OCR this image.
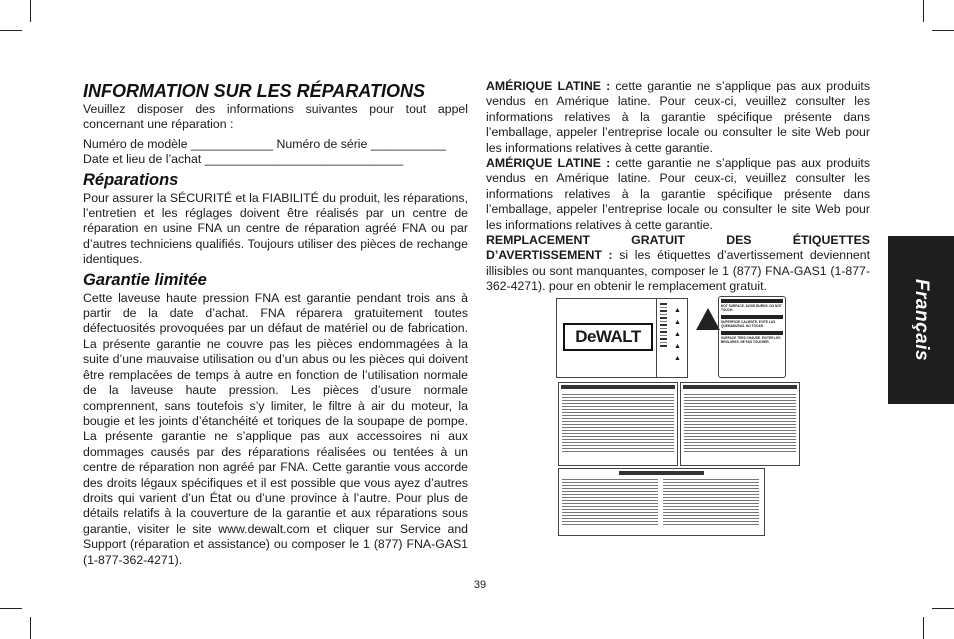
INFORMATION SUR LES RÉPARATIONS

Veuillez disposer des informations suivantes pour tout appel concernant une réparation :

Numéro de modèle ____________ Numéro de série ___________

Date et lieu de l’achat _____________________________

Réparations

Pour assurer la SÉCURITÉ et la FIABILITÉ du produit, les réparations, l’entretien et les réglages doivent être réalisés par un centre de réparation en usine FNA un centre de réparation agréé FNA ou par d’autres techniciens qualifiés. Toujours utiliser des pièces de rechange identiques.

Garantie limitée

Cette laveuse haute pression FNA est garantie pendant trois ans à partir de la date d’achat. FNA réparera gratuitement toutes défectuosités provoquées par un défaut de matériel ou de fabrication. La présente garantie ne couvre pas les pièces endommagées à la suite d’une mauvaise utilisation ou d’un abus ou les pièces qui doivent être remplacées de temps à autre en fonction de l’utilisation normale de la laveuse haute pression. Les pièces d’usure normale comprennent, sans toutefois s’y limiter, le filtre à air du moteur, la bougie et les joints d’étanchéité et toriques de la soupape de pompe. La présente garantie ne s’applique pas aux accessoires ni aux dommages causés par des réparations réalisées ou tentées à un centre de réparation non agréé par FNA. Cette garantie vous accorde des droits légaux spécifiques et il est possible que vous ayez d’autres droits qui varient d’un État ou d’une province à l’autre. Pour plus de détails relatifs à la couverture de la garantie et aux réparations sous garantie, visiter le site www.dewalt.com et cliquer sur Service and Support (réparation et assistance) ou composer le 1 (877) FNA-GAS1 (1-877-362-4271).

AMÉRIQUE LATINE : cette garantie ne s’applique pas aux produits vendus en Amérique latine. Pour ceux-ci, veuillez consulter les informations relatives à la garantie spécifique présente dans l’emballage, appeler l’entreprise locale ou consulter le site Web pour les informations relatives à cette garantie.

AMÉRIQUE LATINE : cette garantie ne s’applique pas aux produits vendus en Amérique latine. Pour ceux-ci, veuillez consulter les informations relatives à la garantie spécifique présente dans l’emballage, appeler l’entreprise locale ou consulter le site Web pour les informations relatives à cette garantie.

REMPLACEMENT GRATUIT DES ÉTIQUETTES D’AVERTISSEMENT : si les étiquettes d’avertissement deviennent illisibles ou sont manquantes, composer le 1 (877) FNA-GAS1 (1-877-362-4271). pour en obtenir le remplacement gratuit.

DeWALT
▲
▲
▲
▲
▲
HOT SURFACE. AVOID BURNS. DO NOT TOUCH.
SUPERFICIE CALIENTE. EVITE LAS QUEMADURAS. NO TOCAR.
SURFACE TRÈS CHAUDE. ÉVITER LES BRÛLURES. NE PAS TOUCHER.	Français
39
